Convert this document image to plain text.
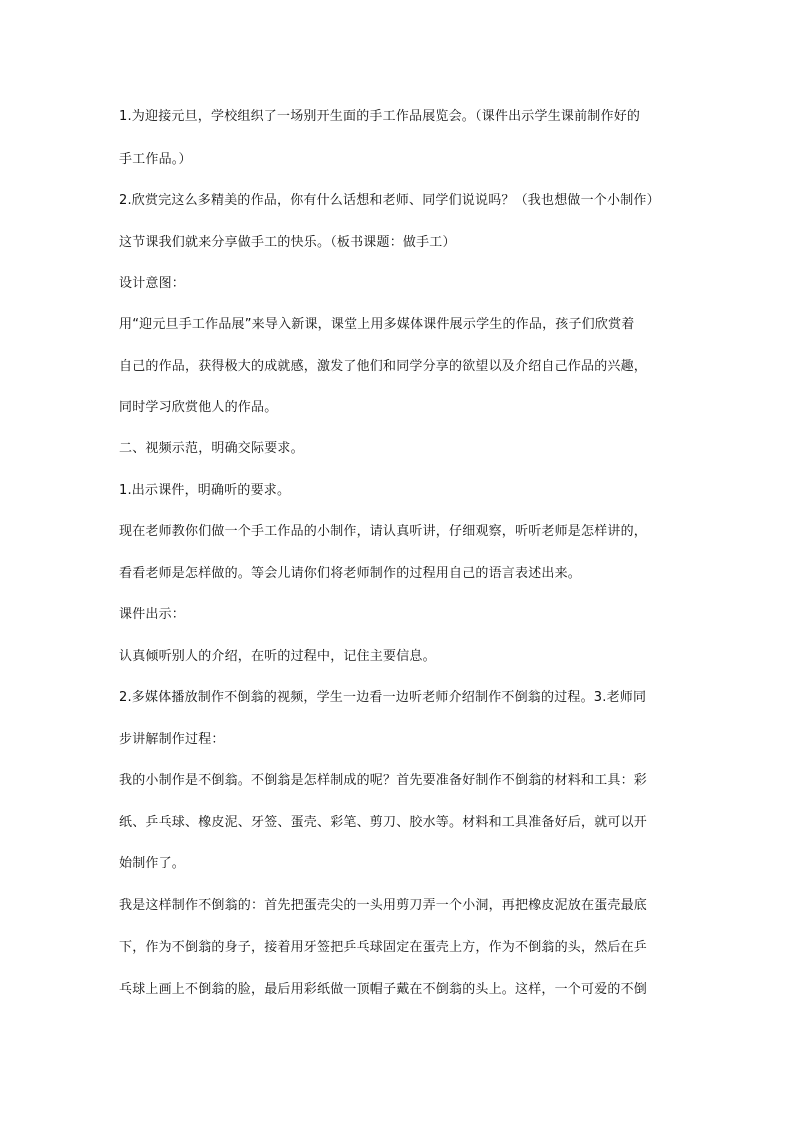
1.为迎接元旦，学校组织了一场别开生面的手工作品展览会。（课件出示学生课前制作好的
手工作品。）
2.欣赏完这么多精美的作品，你有什么话想和老师、同学们说说吗？（我也想做一个小制作）
这节课我们就来分享做手工的快乐。（板书课题：做手工）
设计意图：
用“迎元旦手工作品展”来导入新课，课堂上用多媒体课件展示学生的作品，孩子们欣赏着
自己的作品，获得极大的成就感，激发了他们和同学分享的欲望以及介绍自己作品的兴趣，
同时学习欣赏他人的作品。
二、视频示范，明确交际要求。
1.出示课件，明确听的要求。
现在老师教你们做一个手工作品的小制作，请认真听讲，仔细观察，听听老师是怎样讲的，
看看老师是怎样做的。等会儿请你们将老师制作的过程用自己的语言表述出来。
课件出示：
认真倾听别人的介绍，在听的过程中，记住主要信息。
2.多媒体播放制作不倒翁的视频，学生一边看一边听老师介绍制作不倒翁的过程。3.老师同
步讲解制作过程：
我的小制作是不倒翁。不倒翁是怎样制成的呢？首先要准备好制作不倒翁的材料和工具：彩
纸、乒乓球、橡皮泥、牙签、蛋壳、彩笔、剪刀、胶水等。材料和工具准备好后，就可以开
始制作了。
我是这样制作不倒翁的：首先把蛋壳尖的一头用剪刀弄一个小洞，再把橡皮泥放在蛋壳最底
下，作为不倒翁的身子，接着用牙签把乒乓球固定在蛋壳上方，作为不倒翁的头，然后在乒
乓球上画上不倒翁的脸，最后用彩纸做一顶帽子戴在不倒翁的头上。这样，一个可爱的不倒
